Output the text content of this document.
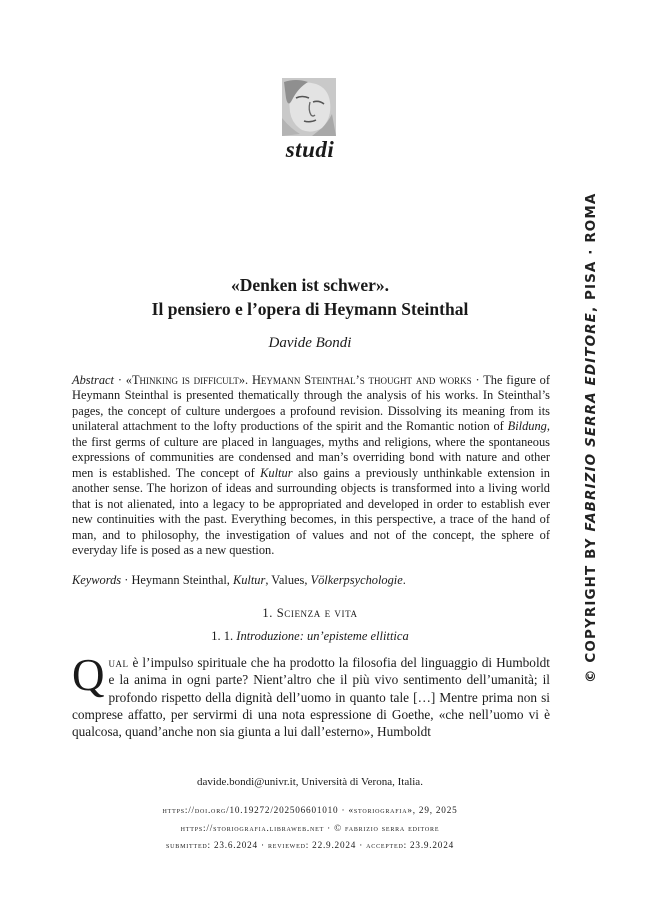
studi
«Denken ist schwer».
Il pensiero e l’opera di Heymann Steinthal
Davide Bondi
Abstract · «Thinking is difficult». Heymann Steinthal’s thought and works · The figure of Heymann Steinthal is presented thematically through the analysis of his works. In Steinthal’s pages, the concept of culture undergoes a profound revision. Dissolving its meaning from its unilateral attachment to the lofty productions of the spirit and the Romantic notion of Bildung, the first germs of culture are placed in languages, myths and religions, where the spontaneous expressions of communities are condensed and man’s overriding bond with nature and other men is established. The concept of Kultur also gains a previously unthinkable extension in another sense. The horizon of ideas and surrounding objects is transformed into a living world that is not alienated, into a legacy to be appropriated and developed in order to establish ever new continuities with the past. Everything becomes, in this perspective, a trace of the hand of man, and to philosophy, the investigation of values and not of the concept, the sphere of everyday life is posed as a new question.
Keywords · Heymann Steinthal, Kultur, Values, Völkerpsychologie.
1. Scienza e vita
1. 1. Introduzione: un’episteme ellittica
Qual è l’impulso spirituale che ha prodotto la filosofia del linguaggio di Humboldt e la anima in ogni parte? Nient’altro che il più vivo sentimento dell’umanità; il profondo rispetto della dignità dell’uomo in quanto tale […] Mentre prima non si comprese affatto, per servirmi di una nota espressione di Goethe, «che nell’uomo vi è qualcosa, quand’anche non sia giunta a lui dall’esterno», Humboldt
davide.bondi@univr.it, Università di Verona, Italia.
https://doi.org/10.19272/202506601010 · «storiografia», 29, 2025
https://storiografia.libraweb.net · © fabrizio serra editore
submitted: 23.6.2024 · reviewed: 22.9.2024 · accepted: 23.9.2024
© COPYRIGHT BY FABRIZIO SERRA EDITORE, PISA · ROMA
